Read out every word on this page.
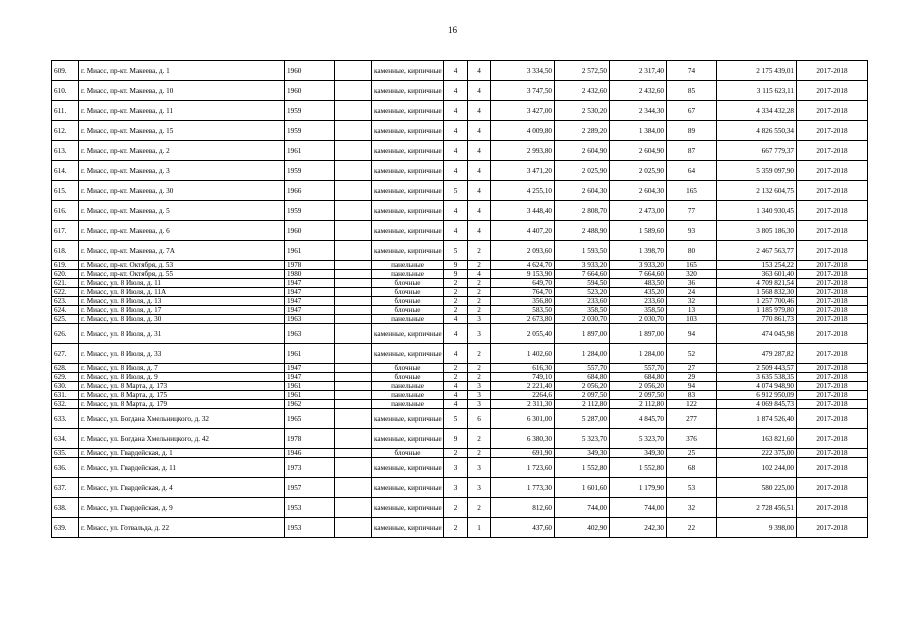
16
609.	г. Миасс, пр-кт. Макеева, д. 1	1960		каменные, кирпичные	4	4	3 334,50	2 572,50	2 317,40	74	2 175 439,01	2017-2018
610.	г. Миасс, пр-кт. Макеева, д. 10	1960		каменные, кирпичные	4	4	3 747,50	2 432,60	2 432,60	85	3 115 623,11	2017-2018
611.	г. Миасс, пр-кт. Макеева, д. 11	1959		каменные, кирпичные	4	4	3 427,00	2 530,20	2 344,30	67	4 334 432,28	2017-2018
612.	г. Миасс, пр-кт. Макеева, д. 15	1959		каменные, кирпичные	4	4	4 009,80	2 289,20	1 384,00	89	4 826 550,34	2017-2018
613.	г. Миасс, пр-кт. Макеева, д. 2	1961		каменные, кирпичные	4	4	2 993,80	2 604,90	2 604,90	87	667 779,37	2017-2018
614.	г. Миасс, пр-кт. Макеева, д. 3	1959		каменные, кирпичные	4	4	3 471,20	2 025,90	2 025,90	64	5 359 097,90	2017-2018
615.	г. Миасс, пр-кт. Макеева, д. 30	1966		каменные, кирпичные	5	4	4 255,10	2 604,30	2 604,30	165	2 132 604,75	2017-2018
616.	г. Миасс, пр-кт. Макеева, д. 5	1959		каменные, кирпичные	4	4	3 448,40	2 808,70	2 473,00	77	1 340 930,45	2017-2018
617.	г. Миасс, пр-кт. Макеева, д. 6	1960		каменные, кирпичные	4	4	4 407,20	2 488,90	1 589,60	93	3 805 186,30	2017-2018
618.	г. Миасс, пр-кт. Макеева, д. 7А	1961		каменные, кирпичные	5	2	2 093,60	1 593,50	1 398,70	80	2 467 563,77	2017-2018
619.	г. Миасс, пр-кт. Октября, д. 53	1978		панельные	9	2	4 624,70	3 933,20	3 933,20	165	153 254,22	2017-2018
620.	г. Миасс, пр-кт. Октября, д. 55	1980		панельные	9	4	9 153,90	7 664,60	7 664,60	320	363 601,40	2017-2018
621.	г. Миасс, ул. 8 Июля, д. 11	1947		блочные	2	2	649,70	594,50	483,50	36	4 709 821,54	2017-2018
622.	г. Миасс, ул. 8 Июля, д. 11А	1947		блочные	2	2	764,70	523,20	435,20	24	1 568 832,30	2017-2018
623.	г. Миасс, ул. 8 Июля, д. 13	1947		блочные	2	2	356,80	233,60	233,60	32	1 257 700,46	2017-2018
624.	г. Миасс, ул. 8 Июля, д. 17	1947		блочные	2	2	583,50	358,50	358,50	13	1 185 979,80	2017-2018
625.	г. Миасс, ул. 8 Июля, д. 30	1963		панельные	4	3	2 673,80	2 030,70	2 030,70	103	770 861,73	2017-2018
626.	г. Миасс, ул. 8 Июля, д. 31	1963		каменные, кирпичные	4	3	2 055,40	1 897,00	1 897,00	94	474 045,98	2017-2018
627.	г. Миасс, ул. 8 Июля, д. 33	1961		каменные, кирпичные	4	2	1 402,60	1 284,00	1 284,00	52	479 287,82	2017-2018
628.	г. Миасс, ул. 8 Июля, д. 7	1947		блочные	2	2	616,30	557,70	557,70	27	2 509 443,57	2017-2018
629.	г. Миасс, ул. 8 Июля, д. 9	1947		блочные	2	2	749,10	684,80	684,80	29	3 635 538,35	2017-2018
630.	г. Миасс, ул. 8 Марта, д. 173	1961		панельные	4	3	2 221,40	2 056,20	2 056,20	94	4 074 948,90	2017-2018
631.	г. Миасс, ул. 8 Марта, д. 175	1961		панельные	4	3	2264,6	2 097,50	2 097,50	83	6 912 950,09	2017-2018
632.	г. Миасс, ул. 8 Марта, д. 179	1962		панельные	4	3	2 311,30	2 112,80	2 112,80	122	4 069 845,73	2017-2018
633.	г. Миасс, ул. Богдана Хмельницкого, д. 32	1965		каменные, кирпичные	5	6	6 301,00	5 287,00	4 845,70	277	1 874 526,40	2017-2018
634.	г. Миасс, ул. Богдана Хмельницкого, д. 42	1978		каменные, кирпичные	9	2	6 380,30	5 323,70	5 323,70	376	163 821,60	2017-2018
635.	г. Миасс, ул. Гвардейская, д. 1	1946		блочные	2	2	691,90	349,30	349,30	25	222 375,00	2017-2018
636.	г. Миасс, ул. Гвардейская, д. 11	1973		каменные, кирпичные	3	3	1 723,60	1 552,80	1 552,80	68	102 244,00	2017-2018
637.	г. Миасс, ул. Гвардейская, д. 4	1957		каменные, кирпичные	3	3	1 773,30	1 601,60	1 179,90	53	580 225,00	2017-2018
638.	г. Миасс, ул. Гвардейская, д. 9	1953		каменные, кирпичные	2	2	812,60	744,00	744,00	32	2 728 456,51	2017-2018
639.	г. Миасс, ул. Готвальда, д. 22	1953		каменные, кирпичные	2	1	437,60	402,90	242,30	22	9 398,00	2017-2018
